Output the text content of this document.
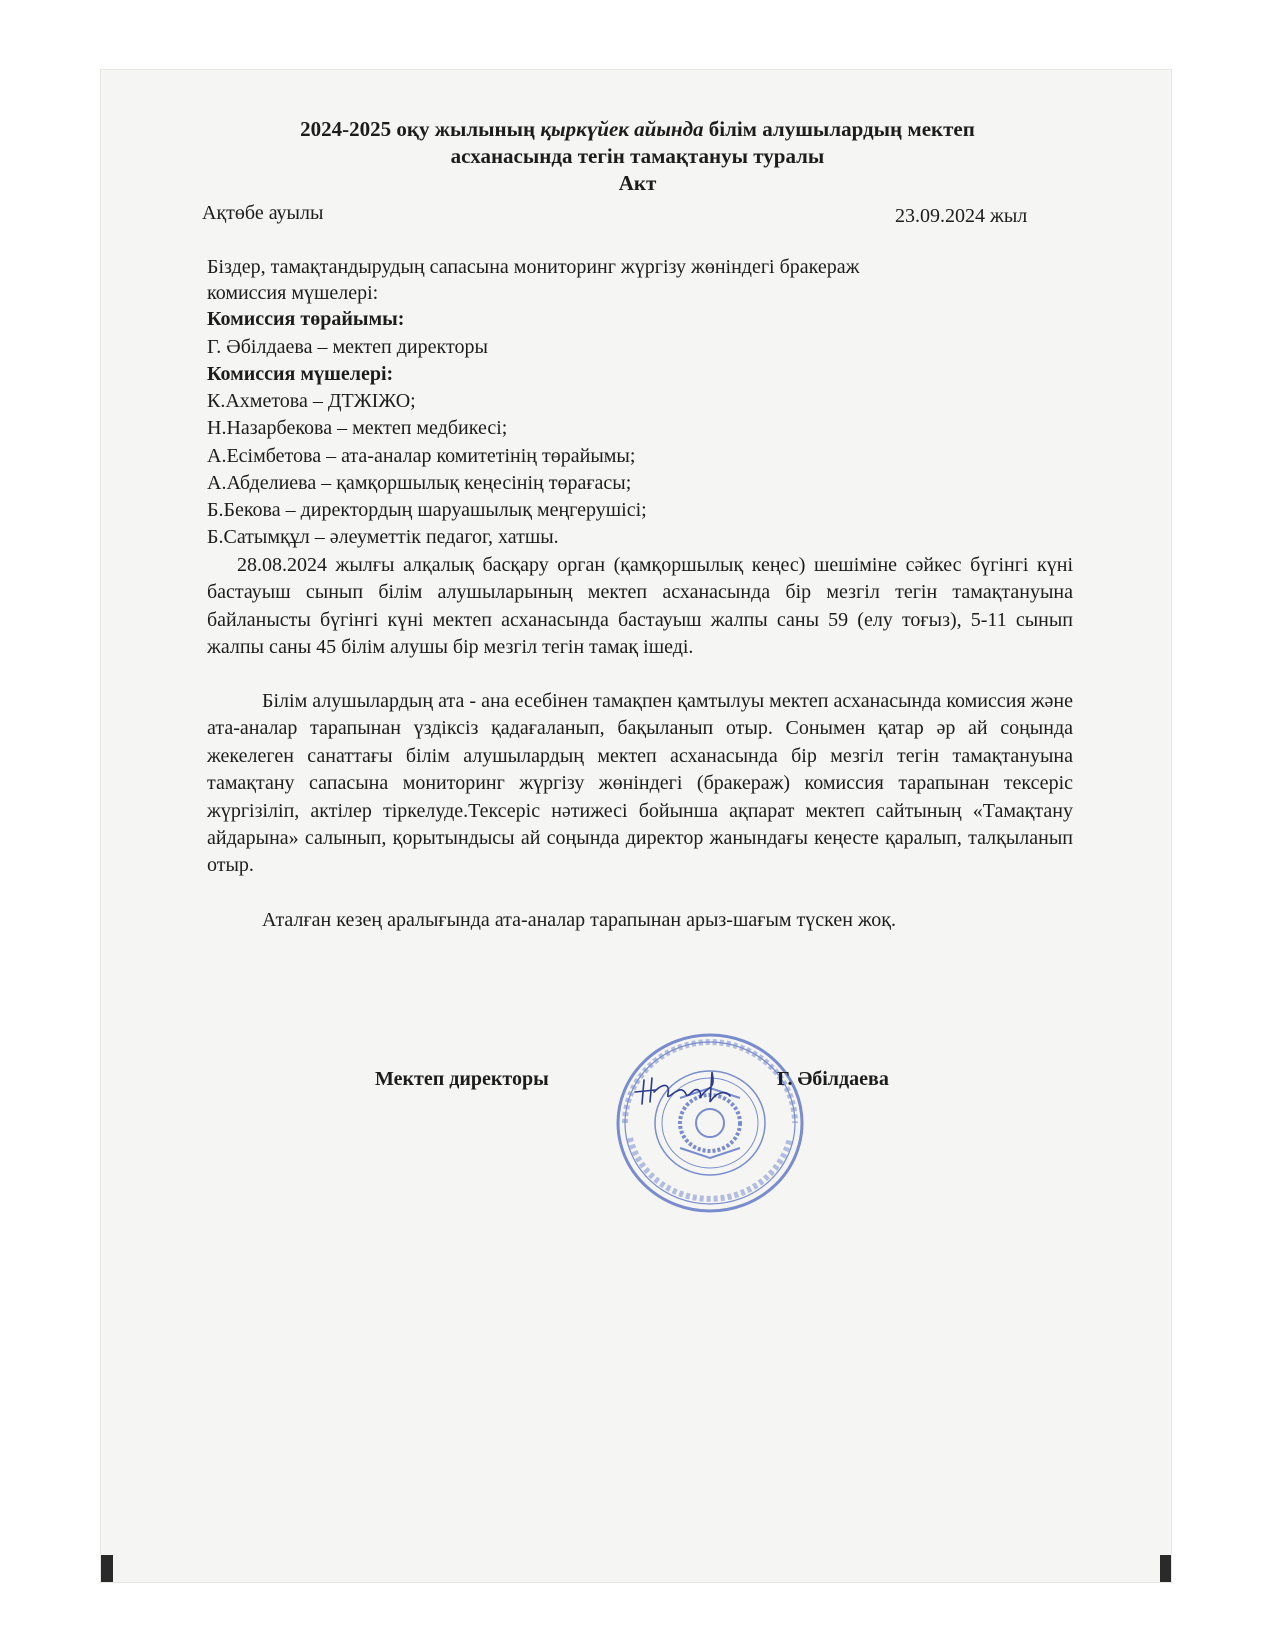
2024-2025 оқу жылының қыркүйек айында білім алушылардың мектеп
асханасында тегін тамақтануы туралы
Акт
Ақтөбе ауылы	23.09.2024 жыл
Біздер, тамақтандырудың сапасына мониторинг жүргізу жөніндегі бракераж
комиссия мүшелері:
Комиссия төрайымы:
Г. Әбілдаева – мектеп директоры
Комиссия мүшелері:
К.Ахметова – ДТЖІЖО;
Н.Назарбекова – мектеп медбикесі;
А.Есімбетова – ата-аналар комитетінің төрайымы;
А.Абделиева – қамқоршылық кеңесінің төрағасы;
Б.Бекова – директордың шаруашылық меңгерушісі;
Б.Сатымқұл – әлеуметтік педагог, хатшы.
28.08.2024 жылғы алқалық басқару орган (қамқоршылық кеңес) шешіміне сәйкес бүгінгі күні бастауыш сынып білім алушыларының мектеп асханасында бір мезгіл тегін тамақтануына байланысты бүгінгі күні мектеп асханасында бастауыш жалпы саны 59 (елу тоғыз), 5-11 сынып жалпы саны 45 білім алушы бір мезгіл тегін тамақ ішеді.
Білім алушылардың ата - ана есебінен тамақпен қамтылуы мектеп асханасында комиссия және ата-аналар тарапынан үздіксіз қадағаланып, бақыланып отыр. Сонымен қатар әр ай соңында жекелеген санаттағы білім алушылардың мектеп асханасында бір мезгіл тегін тамақтануына тамақтану сапасына мониторинг жүргізу жөніндегі (бракераж) комиссия тарапынан тексеріс жүргізіліп, актілер тіркелуде.Тексеріс нәтижесі бойынша ақпарат мектеп сайтының «Тамақтану айдарына» салынып, қорытындысы ай соңында директор жанындағы кеңесте қаралып, талқыланып отыр.
Аталған кезең аралығында ата-аналар тарапынан арыз-шағым түскен жоқ.
Мектеп директоры	Г. Әбілдаева
